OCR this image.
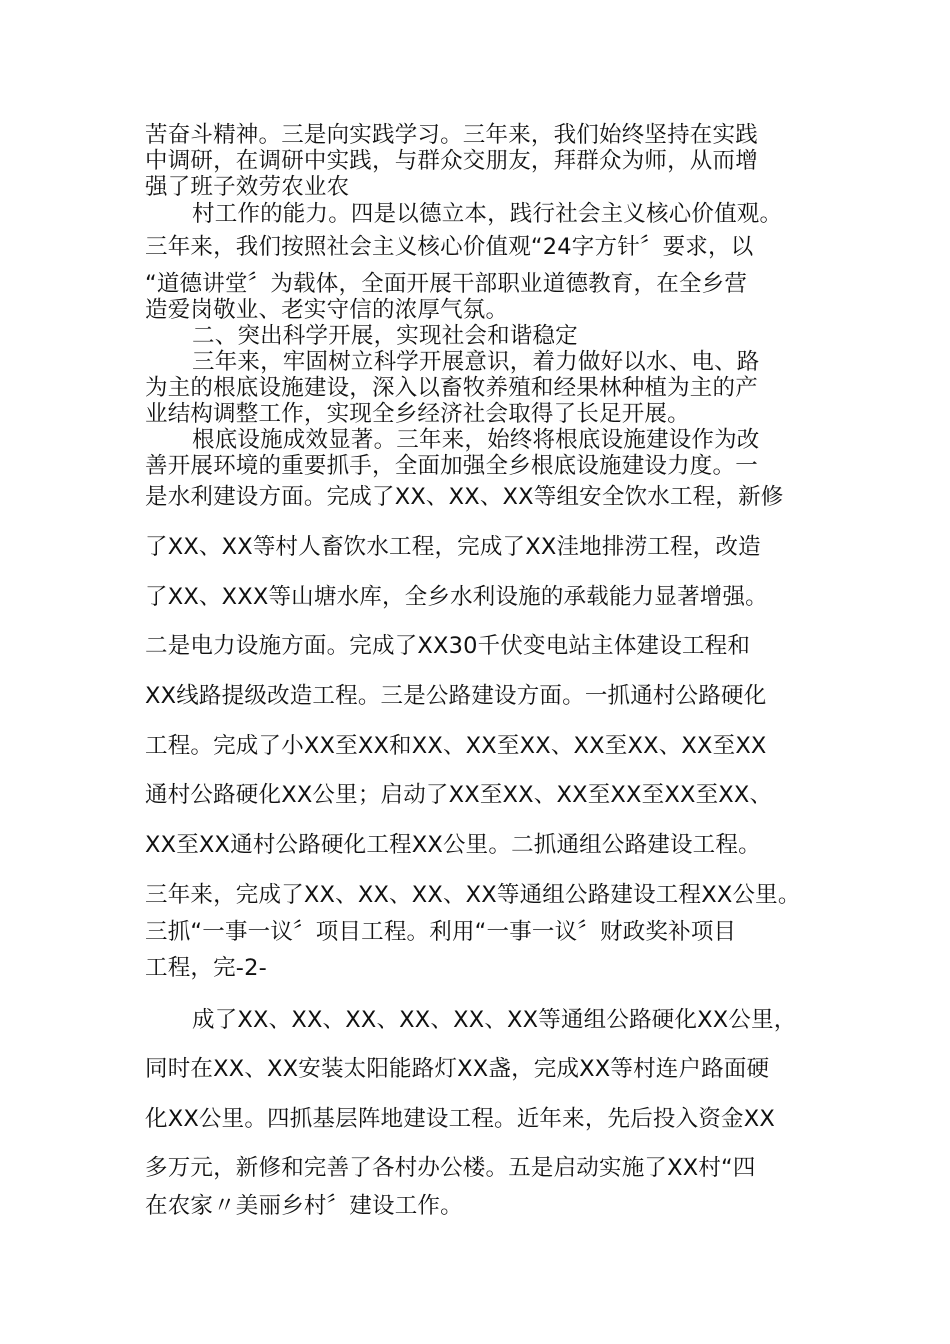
苦奋斗精神。三是向实践学习。三年来，我们始终坚持在实践
中调研，在调研中实践，与群众交朋友，拜群众为师，从而增
强了班子效劳农业农
村工作的能力。四是以德立本，践行社会主义核心价值观。
三年来，我们按照社会主义核心价值观“24字方针〞要求，以
“道德讲堂〞为载体，全面开展干部职业道德教育，在全乡营
造爱岗敬业、老实守信的浓厚气氛。
二、突出科学开展，实现社会和谐稳定
三年来，牢固树立科学开展意识，着力做好以水、电、路
为主的根底设施建设，深入以畜牧养殖和经果林种植为主的产
业结构调整工作，实现全乡经济社会取得了长足开展。
根底设施成效显著。三年来，始终将根底设施建设作为改
善开展环境的重要抓手，全面加强全乡根底设施建设力度。一
是水利建设方面。完成了XX、XX、XX等组安全饮水工程，新修
了XX、XX等村人畜饮水工程，完成了XX洼地排涝工程，改造
了XX、XXX等山塘水库，全乡水利设施的承载能力显著增强。
二是电力设施方面。完成了XX30千伏变电站主体建设工程和
XX线路提级改造工程。三是公路建设方面。一抓通村公路硬化
工程。完成了小XX至XX和XX、XX至XX、XX至XX、XX至XX
通村公路硬化XX公里；启动了XX至XX、XX至XX至XX至XX、
XX至XX通村公路硬化工程XX公里。二抓通组公路建设工程。
三年来，完成了XX、XX、XX、XX等通组公路建设工程XX公里。
三抓“一事一议〞项目工程。利用“一事一议〞财政奖补项目
工程，完-2-
成了XX、XX、XX、XX、XX、XX等通组公路硬化XX公里，
同时在XX、XX安装太阳能路灯XX盏，完成XX等村连户路面硬
化XX公里。四抓基层阵地建设工程。近年来，先后投入资金XX
多万元，新修和完善了各村办公楼。五是启动实施了XX村“四
在农家〃美丽乡村〞建设工作。
